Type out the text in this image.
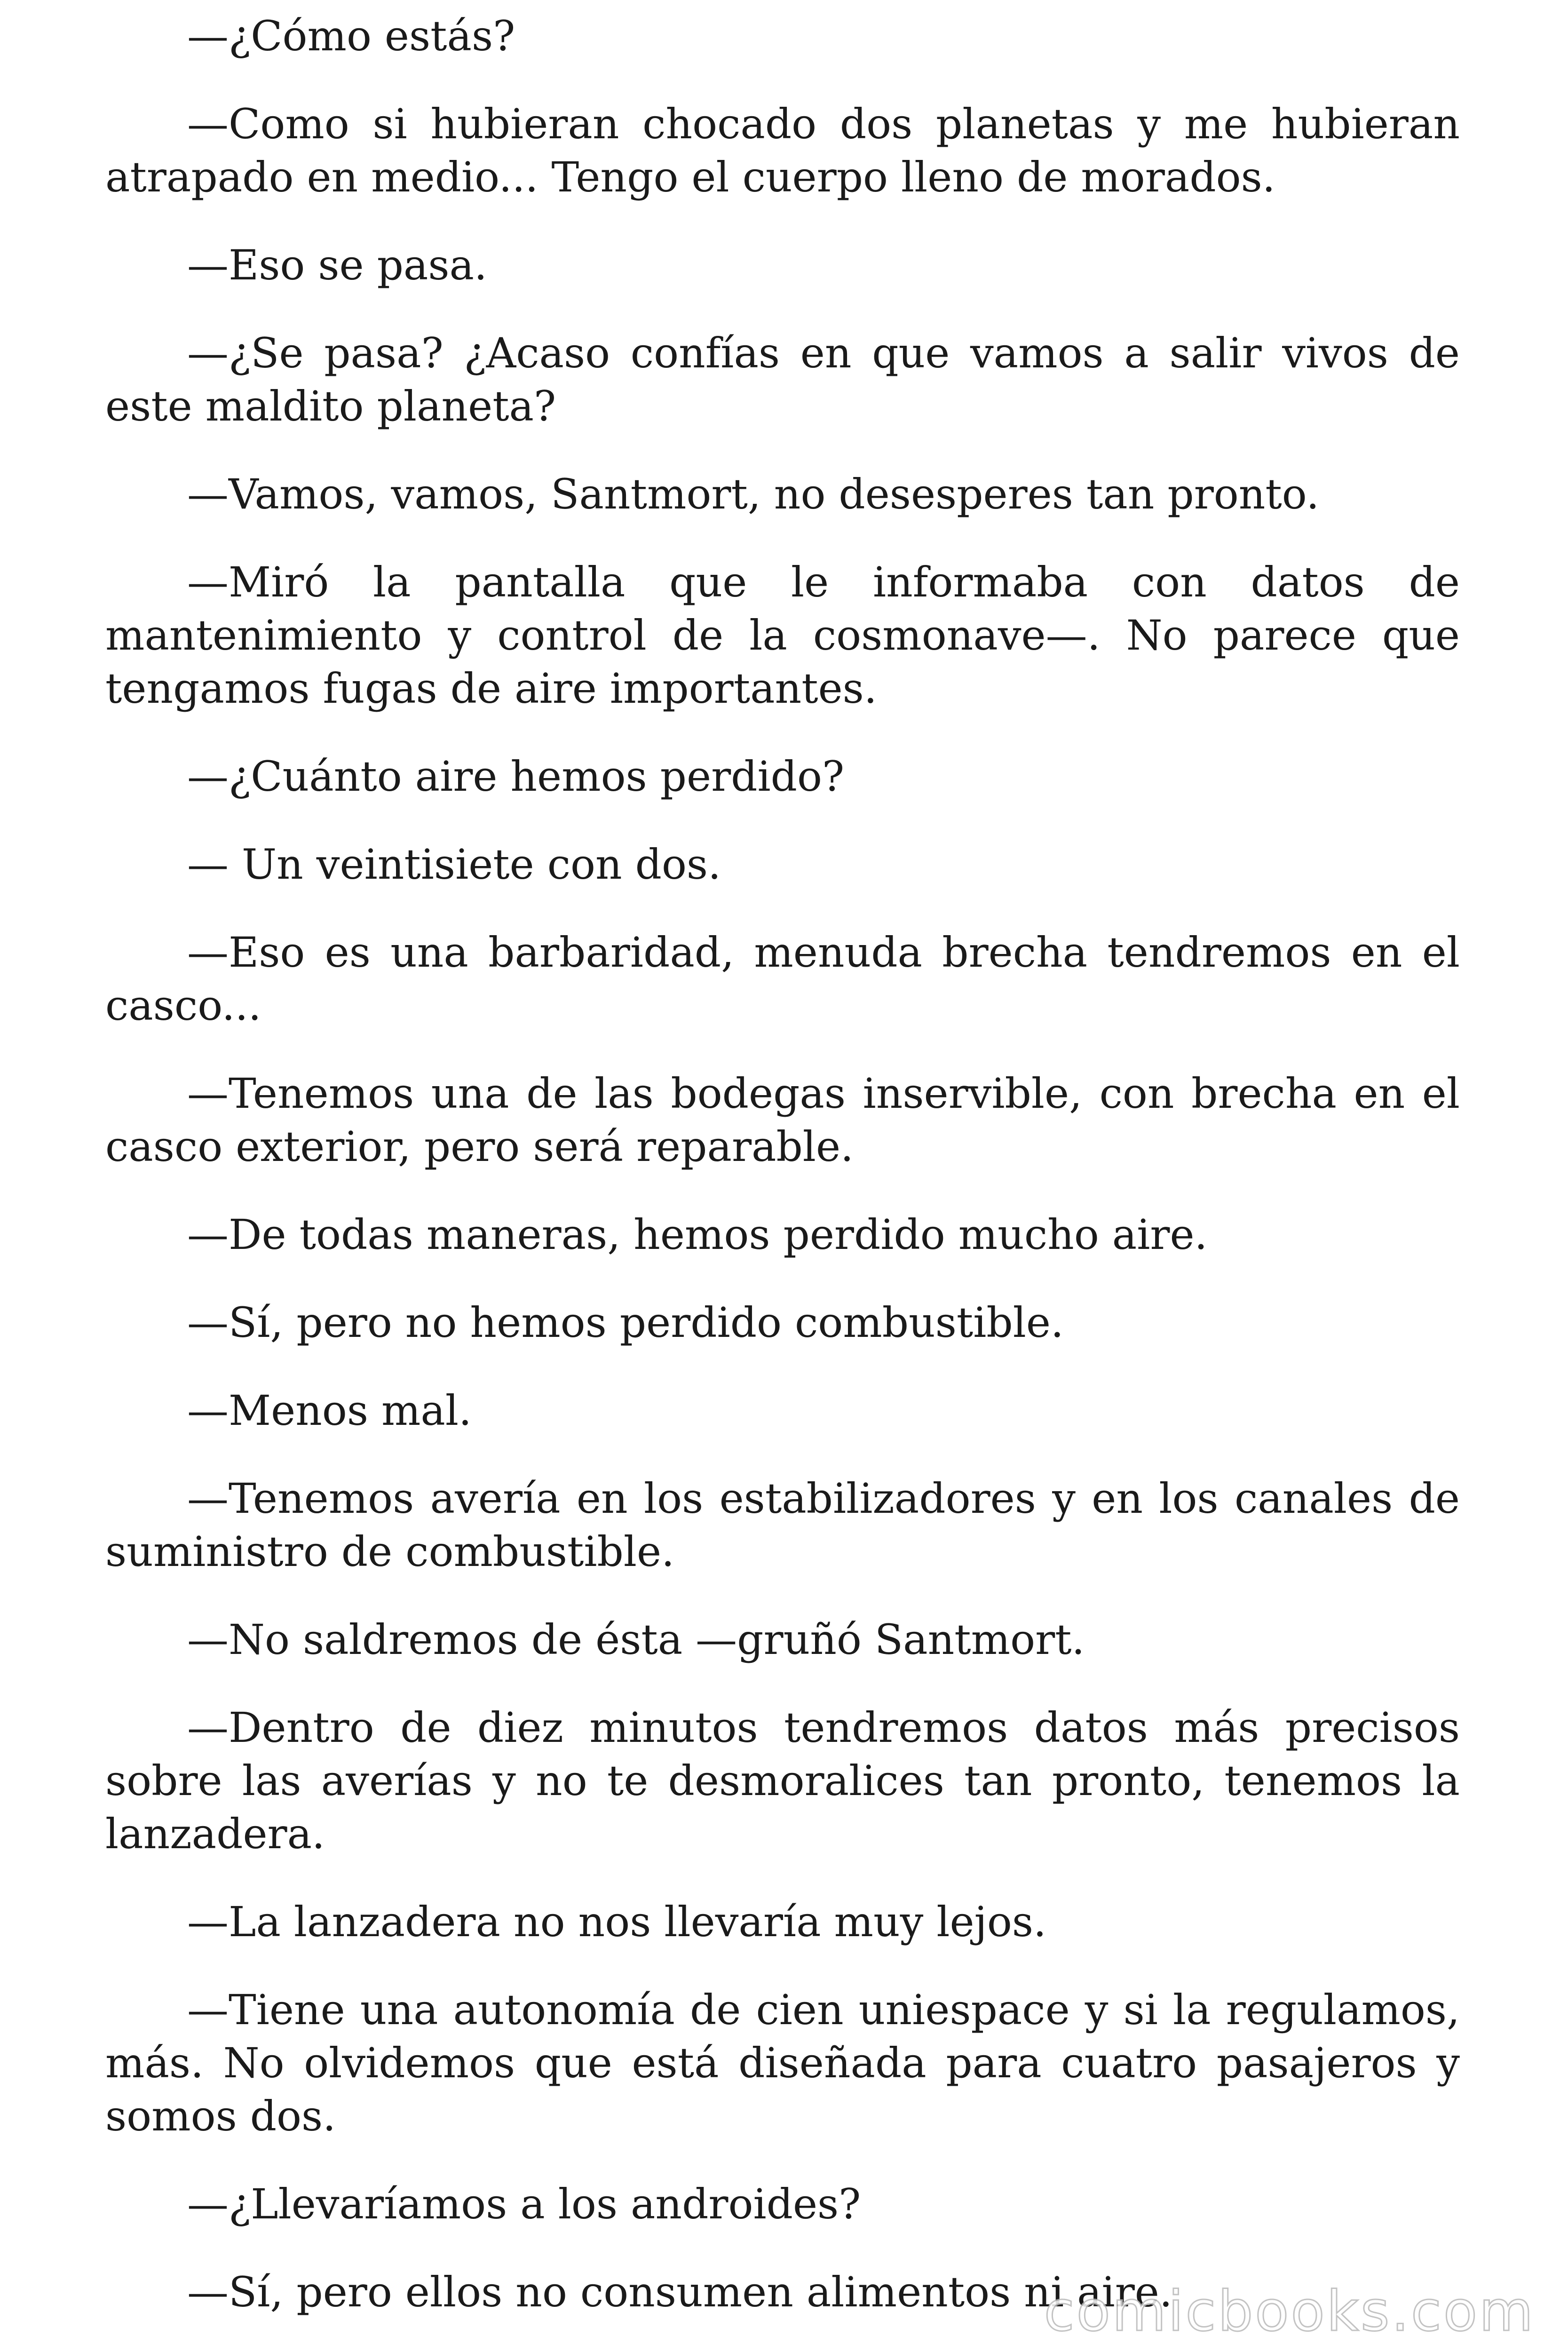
—¿Cómo estás?

—Como si hubieran chocado dos planetas y me hubieran atrapado en medio... Tengo el cuerpo lleno de morados.

—Eso se pasa.

—¿Se pasa? ¿Acaso confías en que vamos a salir vivos de este maldito planeta?

—Vamos, vamos, Santmort, no desesperes tan pronto.

—Miró la pantalla que le informaba con datos de mantenimiento y control de la cosmonave—. No parece que tengamos fugas de aire importantes.

—¿Cuánto aire hemos perdido?

— Un veintisiete con dos.

—Eso es una barbaridad, menuda brecha tendremos en el casco...

—Tenemos una de las bodegas inservible, con brecha en el casco exterior, pero será reparable.

—De todas maneras, hemos perdido mucho aire.

—Sí, pero no hemos perdido combustible.

—Menos mal.

—Tenemos avería en los estabilizadores y en los canales de suministro de combustible.

—No saldremos de ésta —gruñó Santmort.

—Dentro de diez minutos tendremos datos más precisos sobre las averías y no te desmoralices tan pronto, tenemos la lanzadera.

—La lanzadera no nos llevaría muy lejos.

—Tiene una autonomía de cien uniespace y si la regulamos, más. No olvidemos que está diseñada para cuatro pasajeros y somos dos.

—¿Llevaríamos a los androides?

—Sí, pero ellos no consumen alimentos ni aire.

comicbooks.com
